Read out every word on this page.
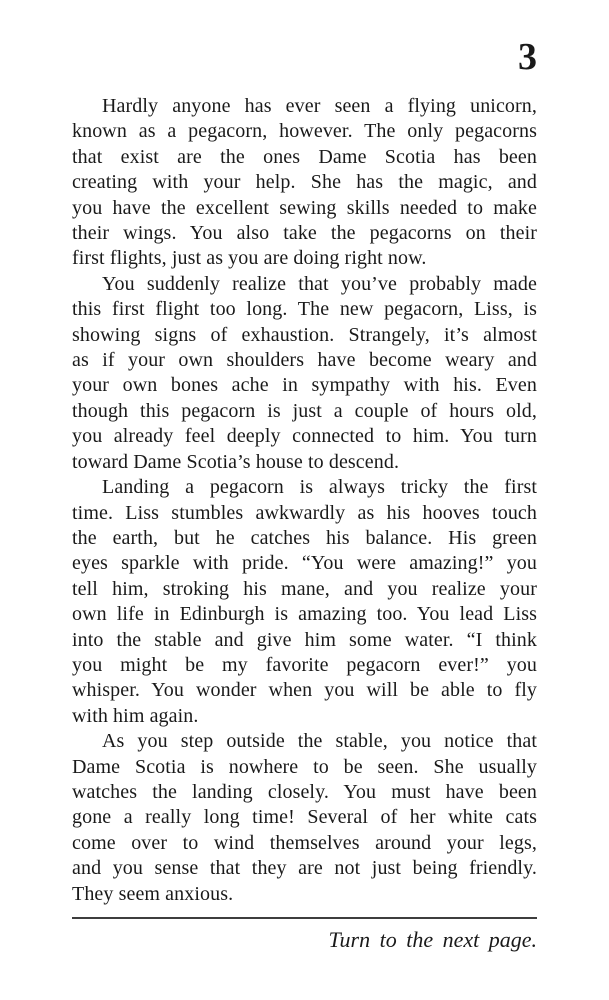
3
Hardly anyone has ever seen a flying unicorn,
known as a pegacorn, however. The only pegacorns
that exist are the ones Dame Scotia has been
creating with your help. She has the magic, and
you have the excellent sewing skills needed to make
their wings. You also take the pegacorns on their
first flights, just as you are doing right now.
You suddenly realize that you’ve probably made
this first flight too long. The new pegacorn, Liss, is
showing signs of exhaustion. Strangely, it’s almost
as if your own shoulders have become weary and
your own bones ache in sympathy with his. Even
though this pegacorn is just a couple of hours old,
you already feel deeply connected to him. You turn
toward Dame Scotia’s house to descend.
Landing a pegacorn is always tricky the first
time. Liss stumbles awkwardly as his hooves touch
the earth, but he catches his balance. His green
eyes sparkle with pride. “You were amazing!” you
tell him, stroking his mane, and you realize your
own life in Edinburgh is amazing too. You lead Liss
into the stable and give him some water. “I think
you might be my favorite pegacorn ever!” you
whisper. You wonder when you will be able to fly
with him again.
As you step outside the stable, you notice that
Dame Scotia is nowhere to be seen. She usually
watches the landing closely. You must have been
gone a really long time! Several of her white cats
come over to wind themselves around your legs,
and you sense that they are not just being friendly.
They seem anxious.
Turn to the next page.
